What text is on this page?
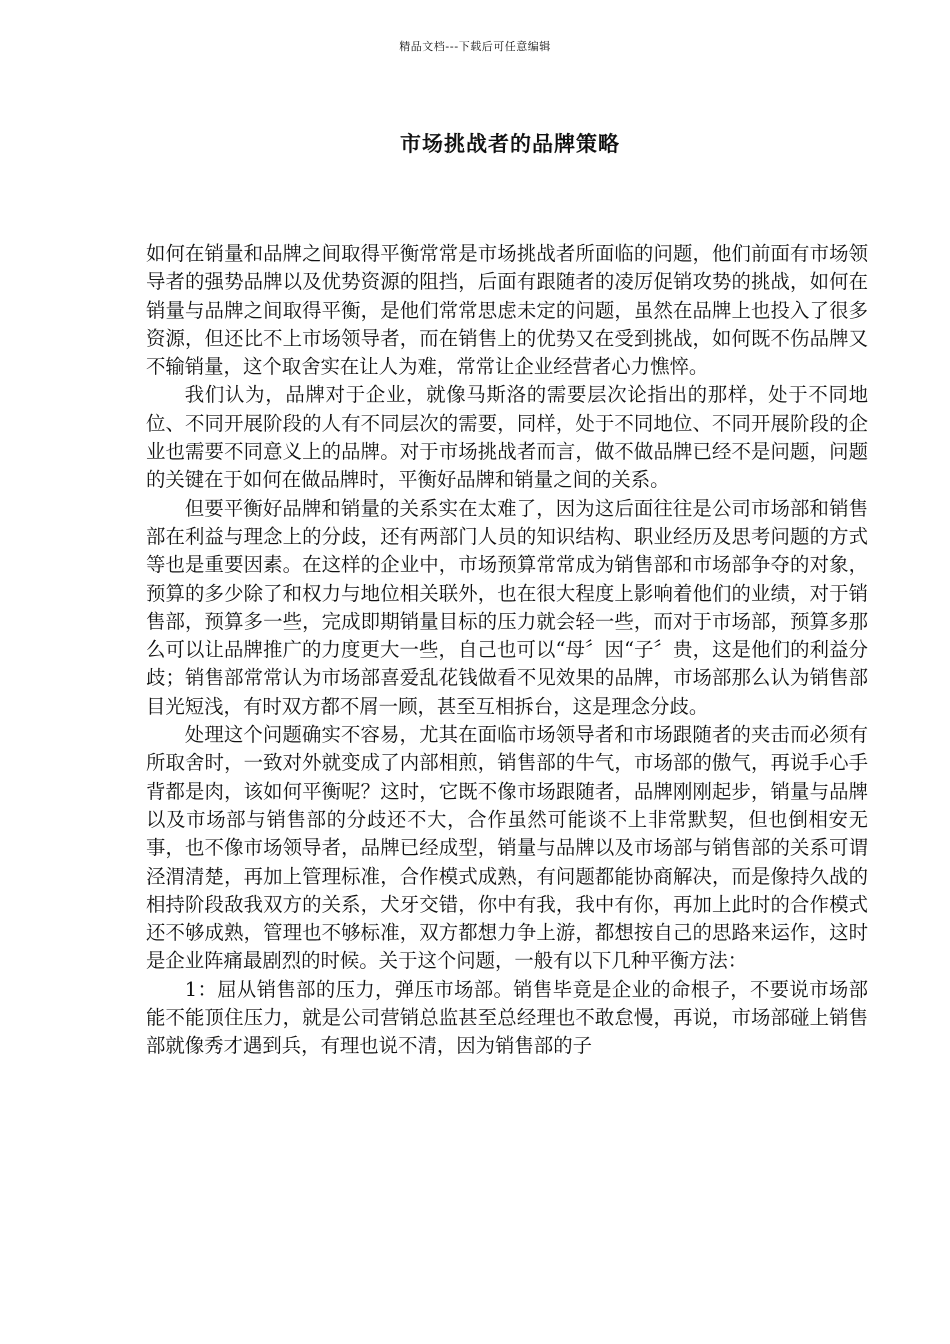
精品文档---下载后可任意编辑
市场挑战者的品牌策略

如何在销量和品牌之间取得平衡常常是市场挑战者所面临的问题，他们前面有市场领导者的强势品牌以及优势资源的阻挡，后面有跟随者的凌厉促销攻势的挑战，如何在销量与品牌之间取得平衡，是他们常常思虑未定的问题，虽然在品牌上也投入了很多资源，但还比不上市场领导者，而在销售上的优势又在受到挑战，如何既不伤品牌又不输销量，这个取舍实在让人为难，常常让企业经营者心力憔悴。

我们认为，品牌对于企业，就像马斯洛的需要层次论指出的那样，处于不同地位、不同开展阶段的人有不同层次的需要，同样，处于不同地位、不同开展阶段的企业也需要不同意义上的品牌。对于市场挑战者而言，做不做品牌已经不是问题，问题的关键在于如何在做品牌时，平衡好品牌和销量之间的关系。

但要平衡好品牌和销量的关系实在太难了，因为这后面往往是公司市场部和销售部在利益与理念上的分歧，还有两部门人员的知识结构、职业经历及思考问题的方式等也是重要因素。在这样的企业中，市场预算常常成为销售部和市场部争夺的对象，预算的多少除了和权力与地位相关联外，也在很大程度上影响着他们的业绩，对于销售部，预算多一些，完成即期销量目标的压力就会轻一些，而对于市场部，预算多那么可以让品牌推广的力度更大一些，自己也可以“母〞因“子〞贵，这是他们的利益分歧；销售部常常认为市场部喜爱乱花钱做看不见效果的品牌，市场部那么认为销售部目光短浅，有时双方都不屑一顾，甚至互相拆台，这是理念分歧。

处理这个问题确实不容易，尤其在面临市场领导者和市场跟随者的夹击而必须有所取舍时，一致对外就变成了内部相煎，销售部的牛气，市场部的傲气，再说手心手背都是肉，该如何平衡呢？这时，它既不像市场跟随者，品牌刚刚起步，销量与品牌以及市场部与销售部的分歧还不大，合作虽然可能谈不上非常默契，但也倒相安无事，也不像市场领导者，品牌已经成型，销量与品牌以及市场部与销售部的关系可谓泾渭清楚，再加上管理标准，合作模式成熟，有问题都能协商解决，而是像持久战的相持阶段敌我双方的关系，犬牙交错，你中有我，我中有你，再加上此时的合作模式还不够成熟，管理也不够标准，双方都想力争上游，都想按自己的思路来运作，这时是企业阵痛最剧烈的时候。关于这个问题，一般有以下几种平衡方法：

1：屈从销售部的压力，弹压市场部。销售毕竟是企业的命根子，不要说市场部能不能顶住压力，就是公司营销总监甚至总经理也不敢怠慢，再说，市场部碰上销售部就像秀才遇到兵，有理也说不清，因为销售部的子
